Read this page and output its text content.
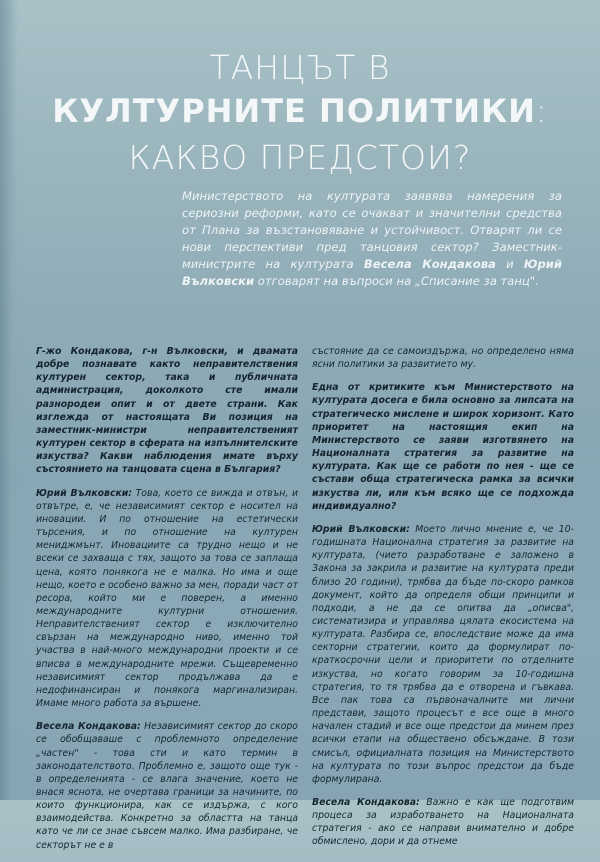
ТАНЦЪТ В
КУЛТУРНИТЕ ПОЛИТИКИ:
КАКВО ПРЕДСТОИ?

Министерството на културата заявява намерения за сериозни реформи, като се очакват и значителни средства от Плана за възстановяване и устойчивост. Отварят ли се нови перспективи пред танцовия сектор? Заместник-министрите на културата Весела Кондакова и Юрий Вълковски отговарят на въпроси на „Списание за танц".

Г-жо Кондакова, г-н Вълковски, и двамата добре познавате както неправителствения културен сектор, така и публичната администрация, доколкото сте имали разнородеи опит и от двете страни. Как изглежда от настоящата Ви позиция на заместник-министри неправителственият културен сектор в сферата на изпълнителските изкуства? Какви наблюдения имате върху състоянието на танцовата сцена в България?

Юрий Вълковски: Това, което се вижда и отвън, и отвътре, е, че независимият сектор е носител на иновации. И по отношение на естетически търсения, и по отношение на културен мениджмънт. Иновациите са трудно нещо и не всеки се захваща с тях, защото за това се заплаща цена, която понякога не е малка. Но има и още нещо, което е особено важно за мен, поради част от ресора, който ми е поверен, а именно международните културни отношения. Неправителственият сектор е изключително свързан на международно ниво, именно той участва в най-много международни проекти и се вписва в международните мрежи. Същевременно независимият сектор продължава да е недофинансиран и понякога маргинализиран. Имаме много работа за вършене.

Весела Кондакова: Независимият сектор до скоро се обобщаваше с проблемното определение „частен" - това сти и като термин в законодателството. Проблемно е, защото още тук - в определенията - се влага значение, което не внася яснота, не очертава граници за начините, по които функционира, как се издържа, с кого взаимодейства. Конкретно за областта на танца като че ли се знае съвсем малко. Има разбиране, че секторът не е в

състояние да се самоиздържа, но определено няма ясни политики за развитието му.

Една от критиките към Министерството на културата досега е била основно за липсата на стратегическо мислене и широк хоризонт. Като приоритет на настоящия екип на Министерството се заяви изготвянето на Националната стратегия за развитие на културата. Как ще се работи по нея - ще се състави обща стратегическа рамка за всички изкуства ли, или към всяко ще се подхожда индивидуално?

Юрий Вълковски: Моето лично мнение е, че 10-годишната Национална стратегия за развитие на културата, (чието разработване е заложено в Закона за закрила и развитие на културата преди близо 20 години), трябва да бъде по-скоро рамков документ, който да определя общи принципи и подходи, а не да се опитва да „описва", систематизира и управлява цялата екосистема на културата. Разбира се, впоследствие може да има секторни стратегии, които да формулират по-краткосрочни цели и приоритети по отделните изкуства, но когато говорим за 10-годишна стратегия, то тя трябва да е отворена и гъвкава. Все пак това са първоначалните ми лични представи, защото процесът е все още в много начален стадий и все още предстои да минем през всички етапи на обществено обсъждане. В този смисъл, официалната позиция на Министерството на културата по този въпрос предстои да бъде формулирана.

Весела Кондакова: Важно е как ще подготвим процеса за изработването на Националната стратегия - ако се направи внимателно и добре обмислено, дори и да отнеме
